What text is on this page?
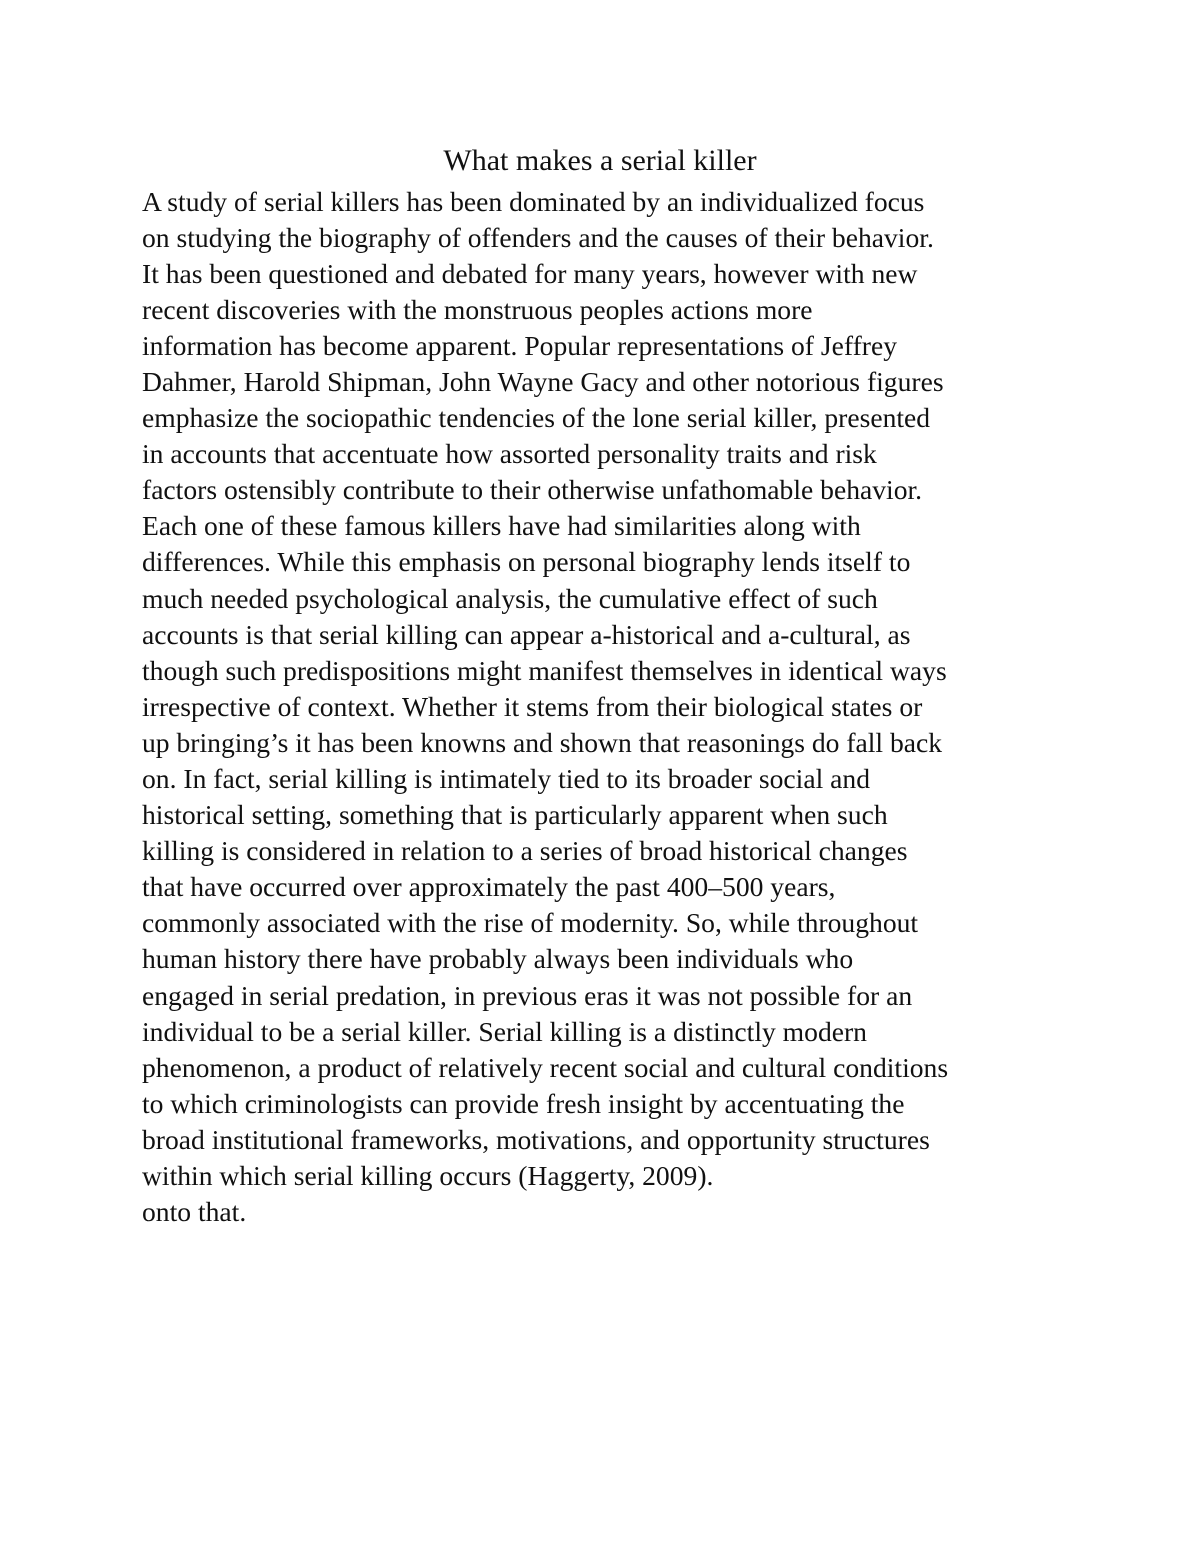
What makes a serial killer
A study of serial killers has been dominated by an individualized focus
on studying the biography of offenders and the causes of their behavior.
It has been questioned and debated for many years, however with new
recent discoveries with the monstruous peoples actions more
information has become apparent. Popular representations of Jeffrey
Dahmer, Harold Shipman, John Wayne Gacy and other notorious figures
emphasize the sociopathic tendencies of the lone serial killer, presented
in accounts that accentuate how assorted personality traits and risk
factors ostensibly contribute to their otherwise unfathomable behavior.
Each one of these famous killers have had similarities along with
differences. While this emphasis on personal biography lends itself to
much needed psychological analysis, the cumulative effect of such
accounts is that serial killing can appear a-historical and a-cultural, as
though such predispositions might manifest themselves in identical ways
irrespective of context. Whether it stems from their biological states or
up bringing’s it has been knowns and shown that reasonings do fall back
on. In fact, serial killing is intimately tied to its broader social and
historical setting, something that is particularly apparent when such
killing is considered in relation to a series of broad historical changes
that have occurred over approximately the past 400–500 years,
commonly associated with the rise of modernity. So, while throughout
human history there have probably always been individuals who
engaged in serial predation, in previous eras it was not possible for an
individual to be a serial killer. Serial killing is a distinctly modern
phenomenon, a product of relatively recent social and cultural conditions
to which criminologists can provide fresh insight by accentuating the
broad institutional frameworks, motivations, and opportunity structures
within which serial killing occurs (Haggerty, 2009).
onto that.
